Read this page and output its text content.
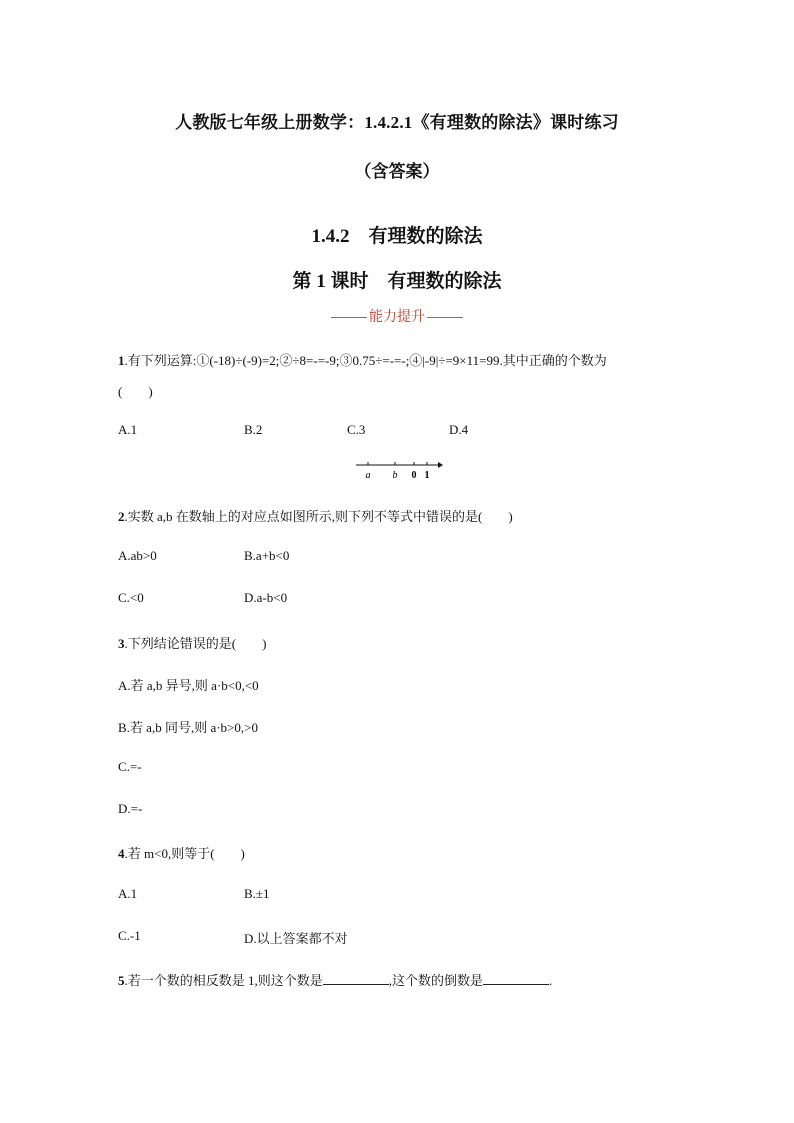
人教版七年级上册数学：1.4.2.1《有理数的除法》课时练习
（含答案）
1.4.2　有理数的除法
第 1 课时　有理数的除法
能力提升
1.有下列运算:①(-18)÷(-9)=2;②÷8=-=-9;③0.75÷=-=-;④|-9|÷=9×11=99.其中正确的个数为
(　　)
A.1	B.2	C.3	D.4
a b 0 1
2.实数 a,b 在数轴上的对应点如图所示,则下列不等式中错误的是(　　)
A.ab>0	B.a+b<0
C.<0	D.a-b<0
3.下列结论错误的是(　　)
A.若 a,b 异号,则 a·b<0,<0
B.若 a,b 同号,则 a·b>0,>0
C.=-
D.=-
4.若 m<0,则等于(　　)
A.1	B.±1
C.-1	D.以上答案都不对
5.若一个数的相反数是 1,则这个数是	,这个数的倒数是	.
